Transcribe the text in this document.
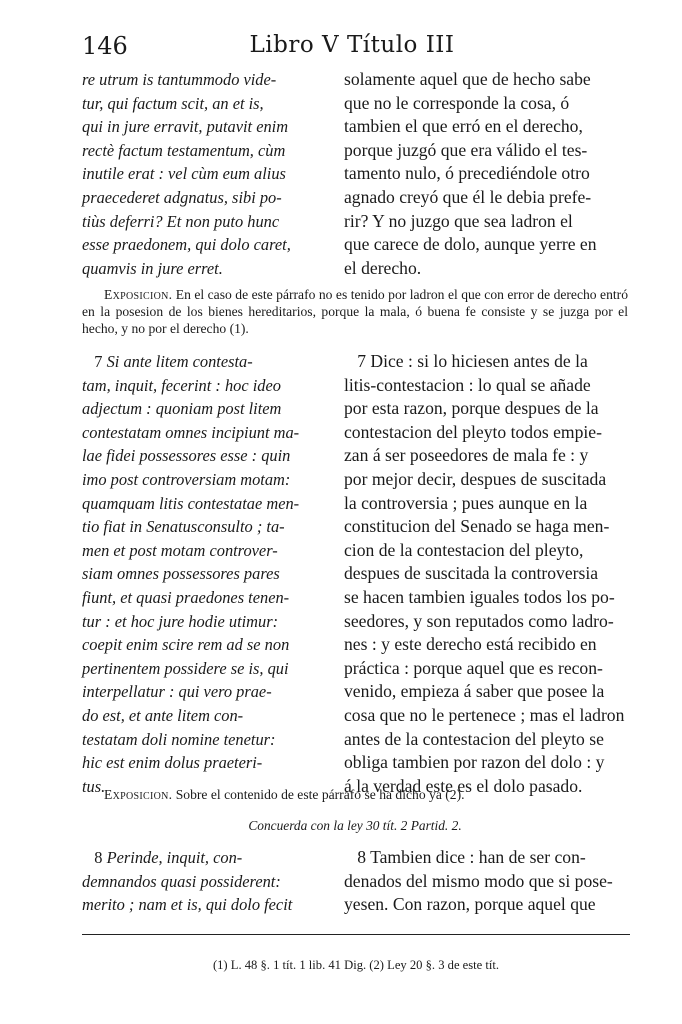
146	Libro V Título III
re utrum is tantummodo vide-
tur, qui factum scit, an et is,
qui in jure erravit, putavit enim
rectè factum testamentum, cùm
inutile erat : vel cùm eum alius
praecederet adgnatus, sibi po-
tiùs deferri? Et non puto hunc
esse praedonem, qui dolo caret,
quamvis in jure erret.
solamente aquel que de hecho sabe
que no le corresponde la cosa, ó
tambien el que erró en el derecho,
porque juzgó que era válido el tes-
tamento nulo, ó precediéndole otro
agnado creyó que él le debia prefe-
rir? Y no juzgo que sea ladron el
que carece de dolo, aunque yerre en
el derecho.

Exposicion. En el caso de este párrafo no es tenido por ladron el que con error de derecho entró en la posesion de los bienes hereditarios, porque la mala, ó buena fe consiste y se juzga por el hecho, y no por el derecho (1).

7 Si ante litem contesta-
tam, inquit, fecerint : hoc ideo
adjectum : quoniam post litem
contestatam omnes incipiunt ma-
lae fidei possessores esse : quin
imo post controversiam motam:
quamquam litis contestatae men-
tio fiat in Senatusconsulto ; ta-
men et post motam controver-
siam omnes possessores pares
fiunt, et quasi praedones tenen-
tur : et hoc jure hodie utimur:
coepit enim scire rem ad se non
pertinentem possidere se is, qui
interpellatur : qui vero prae-
do est, et ante litem con-
testatam doli nomine tenetur:
hic est enim dolus praeteri-
tus.
7 Dice : si lo hiciesen antes de la
litis-contestacion : lo qual se añade
por esta razon, porque despues de la
contestacion del pleyto todos empie-
zan á ser poseedores de mala fe : y
por mejor decir, despues de suscitada
la controversia ; pues aunque en la
constitucion del Senado se haga men-
cion de la contestacion del pleyto,
despues de suscitada la controversia
se hacen tambien iguales todos los po-
seedores, y son reputados como ladro-
nes : y este derecho está recibido en
práctica : porque aquel que es recon-
venido, empieza á saber que posee la
cosa que no le pertenece ; mas el ladron
antes de la contestacion del pleyto se
obliga tambien por razon del dolo : y
á la verdad este es el dolo pasado.

Exposicion. Sobre el contenido de este párrafo se ha dicho ya (2).

Concuerda con la ley 30 tít. 2 Partid. 2.
8 Perinde, inquit, con-
demnandos quasi possiderent:
merito ; nam et is, qui dolo fecit
8 Tambien dice : han de ser con-
denados del mismo modo que si pose-
yesen. Con razon, porque aquel que
(1) L. 48 §. 1 tít. 1 lib. 41 Dig. (2) Ley 20 §. 3 de este tít.
